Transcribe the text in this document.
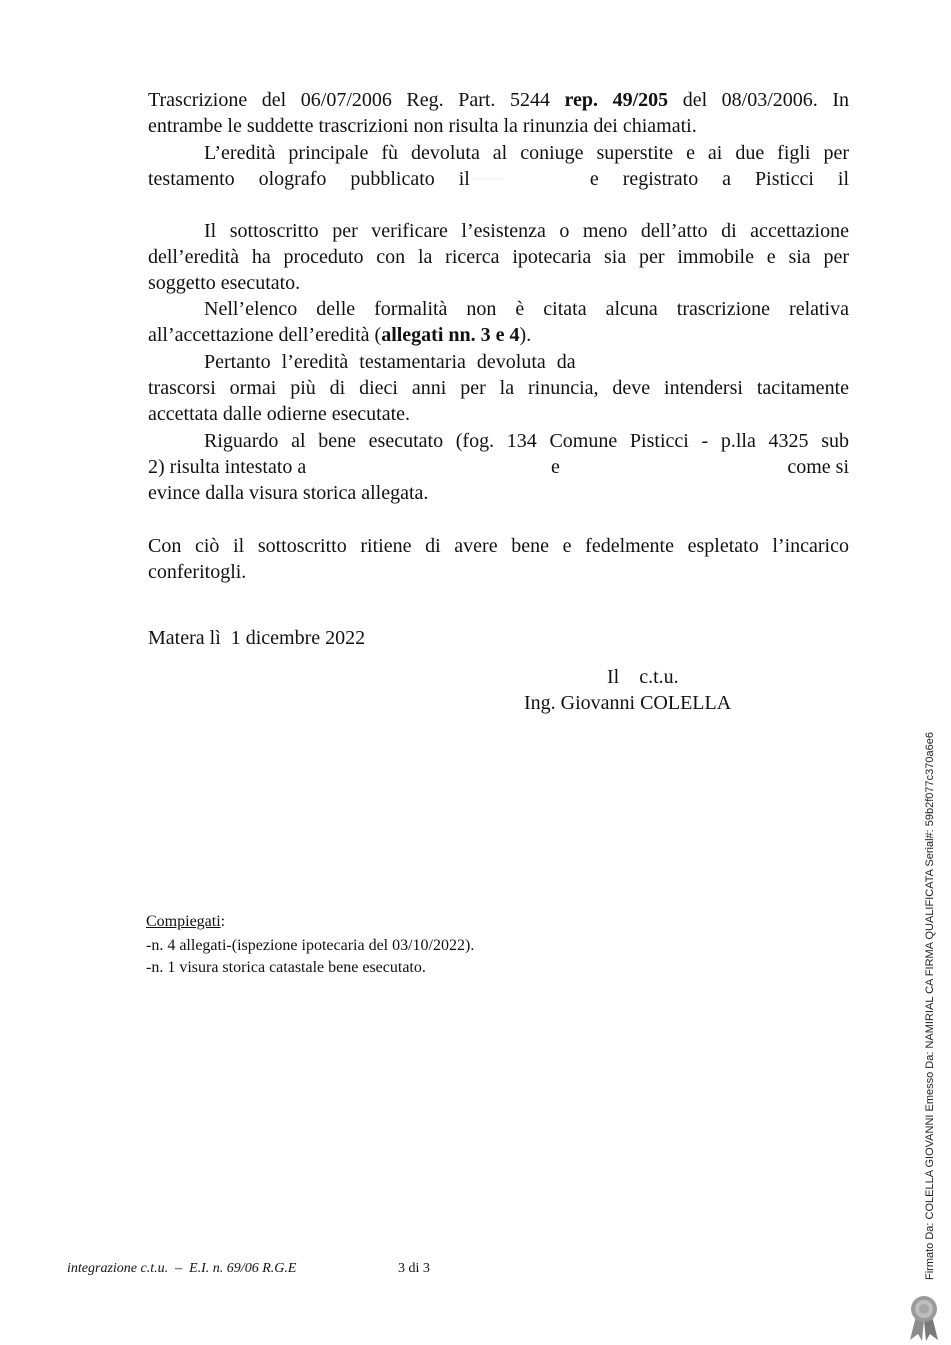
Trascrizione del 06/07/2006 Reg. Part. 5244 rep. 49/205 del 08/03/2006. In
entrambe le suddette trascrizioni non risulta la rinunzia dei chiamati.
L’eredità principale fù devoluta al coniuge superstite e ai due figli per
testamento olografo pubblicato il·············	e registrato a Pisticci il
Il sottoscritto per verificare l’esistenza o meno dell’atto di accettazione
dell’eredità ha proceduto con la ricerca ipotecaria sia per immobile e sia per
soggetto esecutato.
Nell’elenco delle formalità non è citata alcuna trascrizione relativa
all’accettazione dell’eredità (allegati nn. 3 e 4).
Pertanto l’eredità testamentaria devoluta da
trascorsi ormai più di dieci anni per la rinuncia, deve intendersi tacitamente
accettata dalle odierne esecutate.
Riguardo al bene esecutato (fog. 134 Comune Pisticci - p.lla 4325 sub
2) risulta intestato a	e	come si
evince dalla visura storica allegata.
Con ciò il sottoscritto ritiene di avere bene e fedelmente espletato l’incarico
conferitogli.
Matera lì  1 dicembre 2022
Il    c.t.u.
Ing. Giovanni COLELLA
Compiegati:
-n. 4 allegati-(ispezione ipotecaria del 03/10/2022).
-n. 1 visura storica catastale bene esecutato.
integrazione c.t.u.  –  E.I. n. 69/06 R.G.E	3 di 3	Firmato Da: COLELLA GIOVANNI Emesso Da: NAMIRIAL CA FIRMA QUALIFICATA Serial#: 59b2f077c370a6e6
